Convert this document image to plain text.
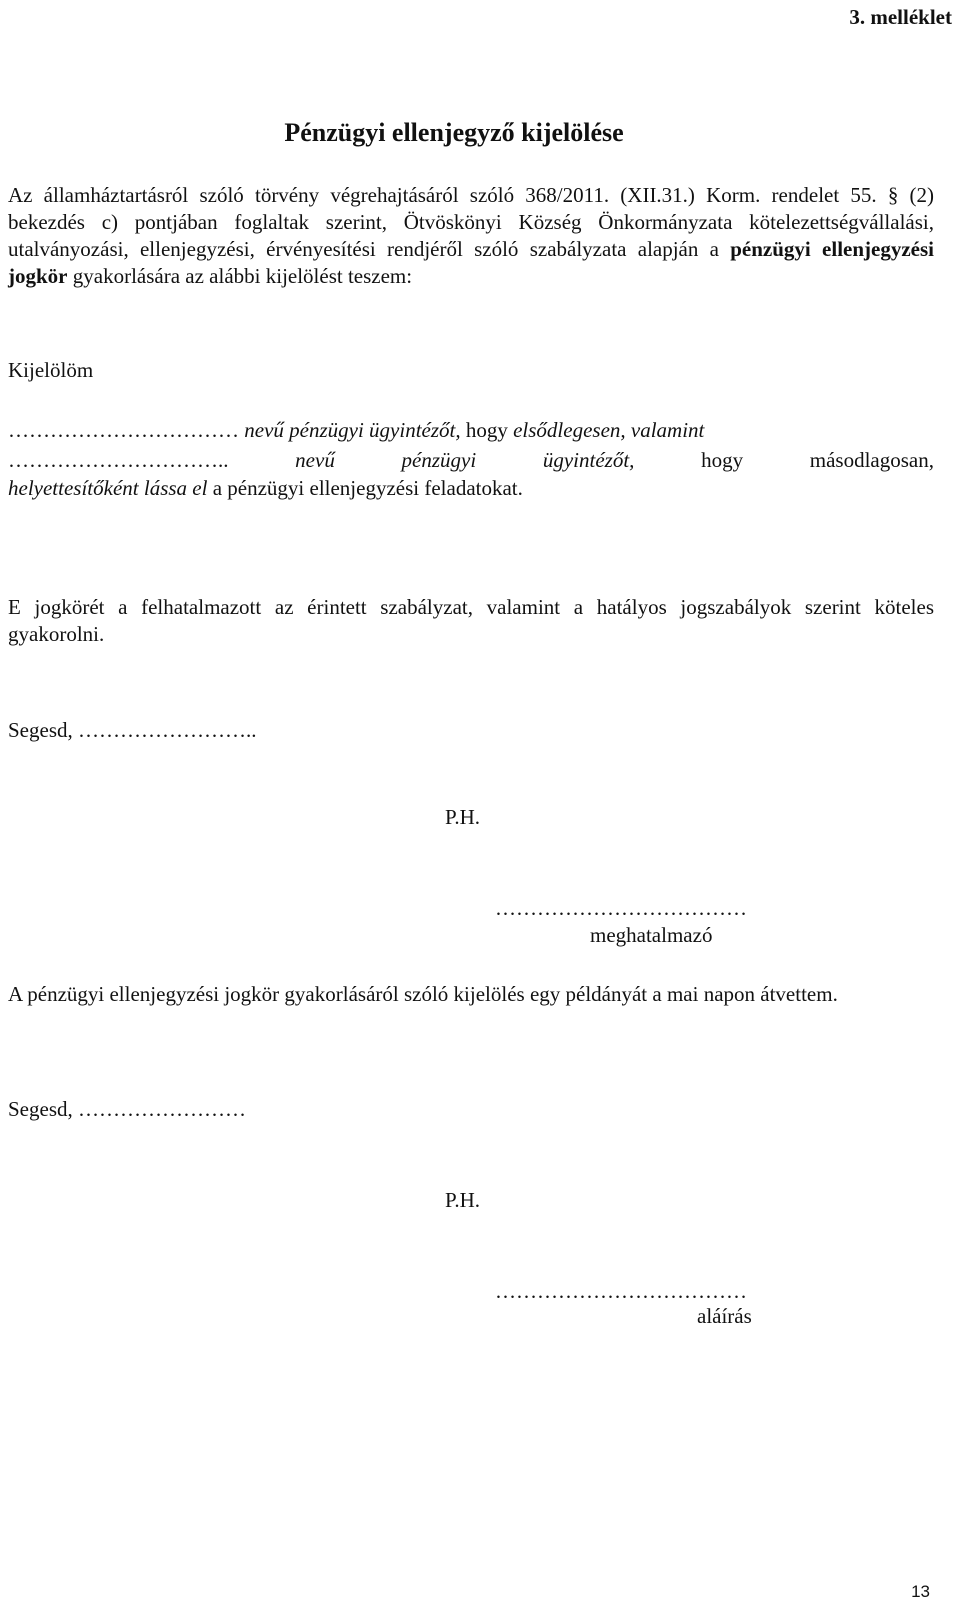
3. melléklet
Pénzügyi ellenjegyző kijelölése
Az államháztartásról szóló törvény végrehajtásáról szóló 368/2011. (XII.31.) Korm. rendelet 55. § (2) bekezdés c) pontjában foglaltak szerint, Ötvöskönyi Község Önkormányzata kötelezettségvállalási, utalványozási, ellenjegyzési, érvényesítési rendjéről szóló szabályzata alapján a pénzügyi ellenjegyzési jogkör gyakorlására az alábbi kijelölést teszem:
Kijelölöm
…………………………… nevű pénzügyi ügyintézőt, hogy elsődlegesen, valamint
………………………….. nevű pénzügyi ügyintézőt, hogy másodlagosan,
helyettesítőként lássa el a pénzügyi ellenjegyzési feladatokat.
E jogkörét a felhatalmazott az érintett szabályzat, valamint a hatályos jogszabályok szerint köteles gyakorolni.
Segesd, ……………………..
P.H.
………………………………
meghatalmazó
A pénzügyi ellenjegyzési jogkör gyakorlásáról szóló kijelölés egy példányát a mai napon átvettem.
Segesd, ……………………
P.H.
………………………………
aláírás
13
